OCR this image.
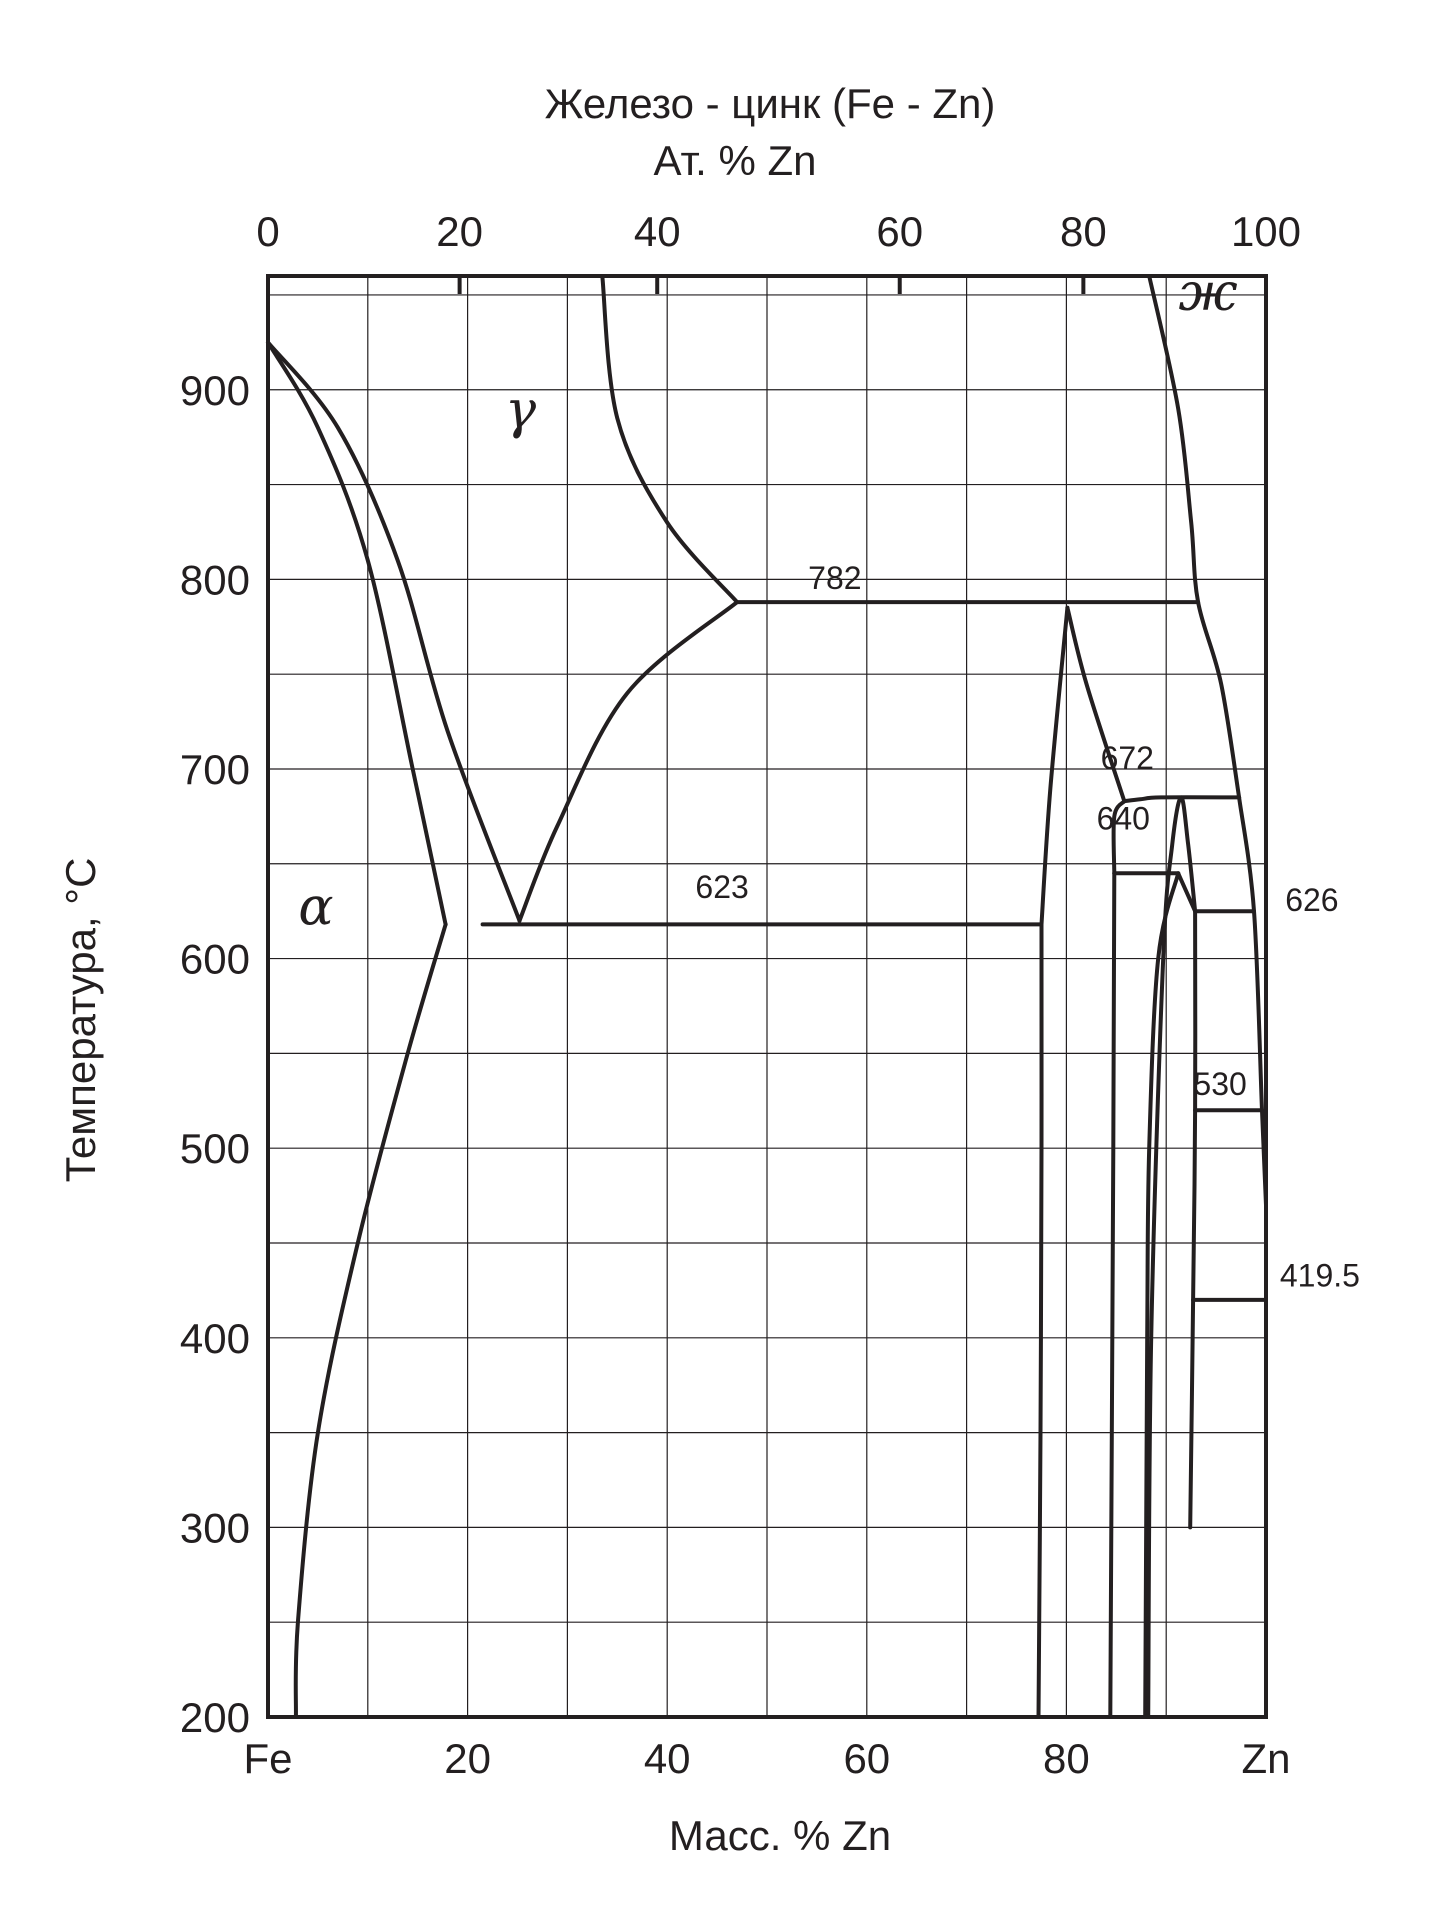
0	20	40	60	80	100
Fe	20	40	60	80	Zn
200
300
400
500
600
700
800
900
Железо - цинк (Fe - Zn)
Ат. % Zn
Масс. % Zn
Температура, °C
782
672
640
623	626
530
419.5
α
γ
ж
